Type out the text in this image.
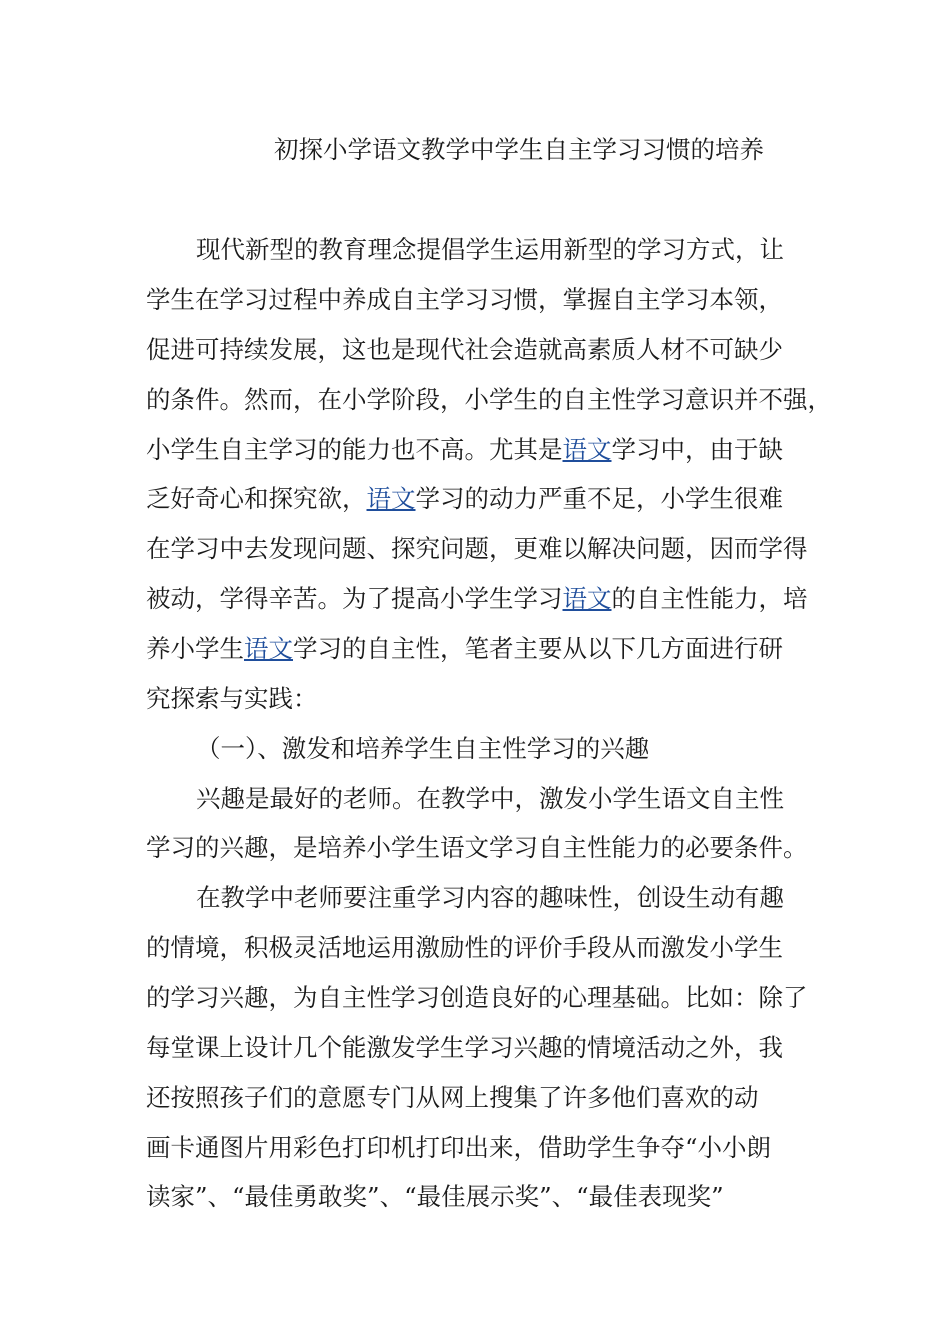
初探小学语文教学中学生自主学习习惯的培养
现代新型的教育理念提倡学生运用新型的学习方式，让
学生在学习过程中养成自主学习习惯，掌握自主学习本领，
促进可持续发展，这也是现代社会造就高素质人材不可缺少
的条件。然而，在小学阶段，小学生的自主性学习意识并不强，
小学生自主学习的能力也不高。尤其是语文学习中，由于缺
乏好奇心和探究欲，语文学习的动力严重不足，小学生很难
在学习中去发现问题、探究问题，更难以解决问题，因而学得
被动，学得辛苦。为了提高小学生学习语文的自主性能力，培
养小学生语文学习的自主性，笔者主要从以下几方面进行研
究探索与实践：
（一）、激发和培养学生自主性学习的兴趣
兴趣是最好的老师。在教学中，激发小学生语文自主性
学习的兴趣，是培养小学生语文学习自主性能力的必要条件。
在教学中老师要注重学习内容的趣味性，创设生动有趣
的情境，积极灵活地运用激励性的评价手段从而激发小学生
的学习兴趣，为自主性学习创造良好的心理基础。比如：除了
每堂课上设计几个能激发学生学习兴趣的情境活动之外，我
还按照孩子们的意愿专门从网上搜集了许多他们喜欢的动
画卡通图片用彩色打印机打印出来，借助学生争夺“小小朗
读家”、“最佳勇敢奖”、“最佳展示奖”、“最佳表现奖”
